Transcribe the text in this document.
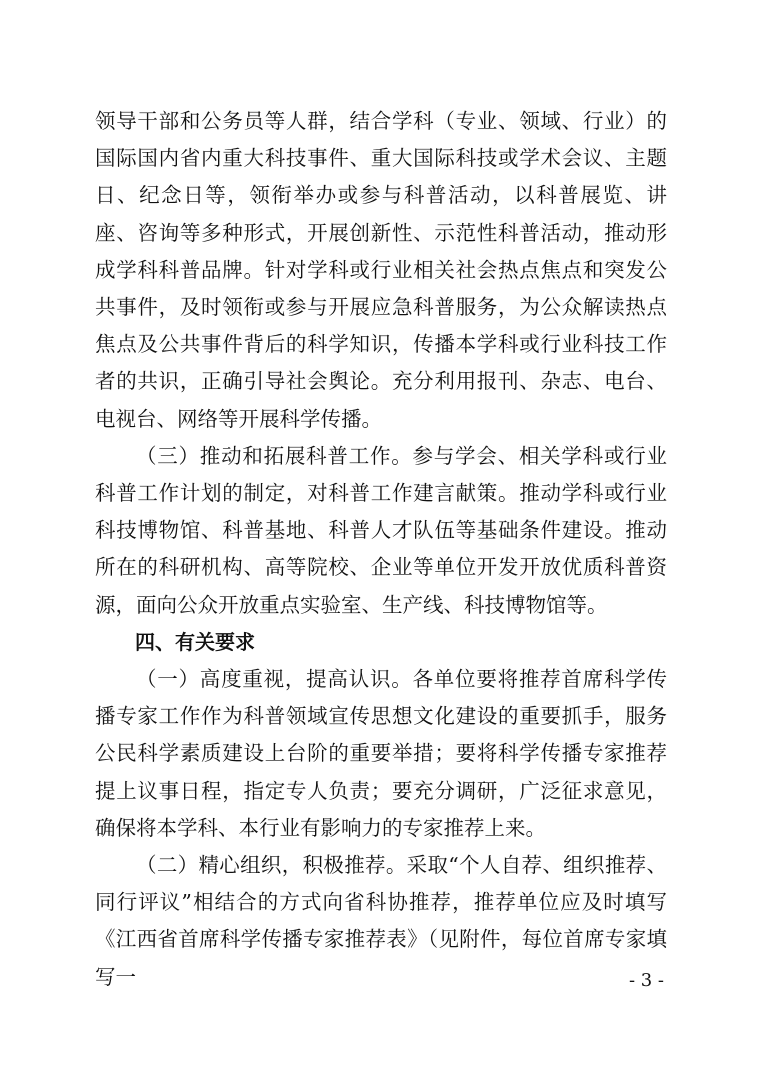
领导干部和公务员等人群，结合学科（专业、领域、行业）的国际国内省内重大科技事件、重大国际科技或学术会议、主题日、纪念日等，领衔举办或参与科普活动，以科普展览、讲座、咨询等多种形式，开展创新性、示范性科普活动，推动形成学科科普品牌。针对学科或行业相关社会热点焦点和突发公共事件，及时领衔或参与开展应急科普服务，为公众解读热点焦点及公共事件背后的科学知识，传播本学科或行业科技工作者的共识，正确引导社会舆论。充分利用报刊、杂志、电台、电视台、网络等开展科学传播。

（三）推动和拓展科普工作。参与学会、相关学科或行业科普工作计划的制定，对科普工作建言献策。推动学科或行业科技博物馆、科普基地、科普人才队伍等基础条件建设。推动所在的科研机构、高等院校、企业等单位开发开放优质科普资源，面向公众开放重点实验室、生产线、科技博物馆等。

四、有关要求

（一）高度重视，提高认识。各单位要将推荐首席科学传播专家工作作为科普领域宣传思想文化建设的重要抓手，服务公民科学素质建设上台阶的重要举措；要将科学传播专家推荐提上议事日程，指定专人负责；要充分调研，广泛征求意见，确保将本学科、本行业有影响力的专家推荐上来。

（二）精心组织，积极推荐。采取“个人自荐、组织推荐、同行评议”相结合的方式向省科协推荐，推荐单位应及时填写《江西省首席科学传播专家推荐表》（见附件，每位首席专家填写一	- 3 -
